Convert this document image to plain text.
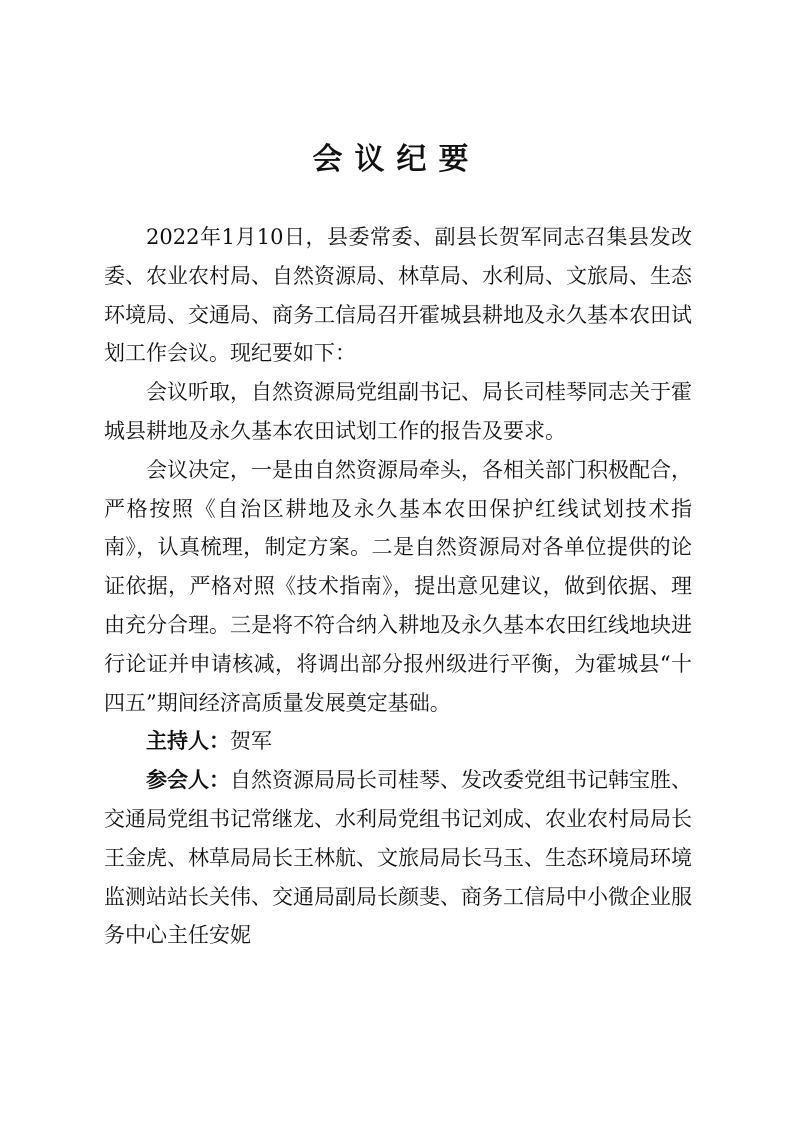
会议纪要

2022年1月10日，县委常委、副县长贺军同志召集县发改委、农业农村局、自然资源局、林草局、水利局、文旅局、生态环境局、交通局、商务工信局召开霍城县耕地及永久基本农田试划工作会议。现纪要如下：

会议听取，自然资源局党组副书记、局长司桂琴同志关于霍城县耕地及永久基本农田试划工作的报告及要求。

会议决定，一是由自然资源局牵头，各相关部门积极配合，严格按照《自治区耕地及永久基本农田保护红线试划技术指南》，认真梳理，制定方案。二是自然资源局对各单位提供的论证依据，严格对照《技术指南》，提出意见建议，做到依据、理由充分合理。三是将不符合纳入耕地及永久基本农田红线地块进行论证并申请核减，将调出部分报州级进行平衡，为霍城县“十四五”期间经济高质量发展奠定基础。

主持人：贺军

参会人：自然资源局局长司桂琴、发改委党组书记韩宝胜、交通局党组书记常继龙、水利局党组书记刘成、农业农村局局长王金虎、林草局局长王林航、文旅局局长马玉、生态环境局环境监测站站长关伟、交通局副局长颜斐、商务工信局中小微企业服务中心主任安妮
